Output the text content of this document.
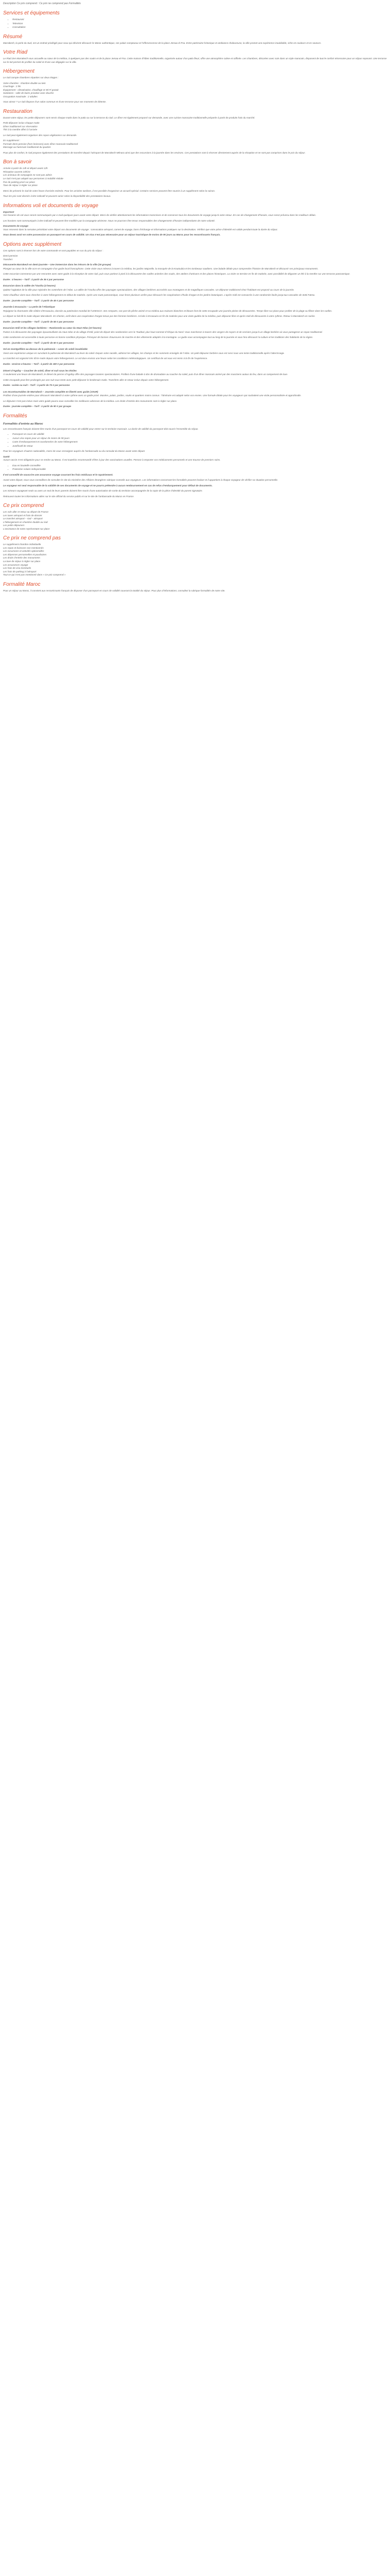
Description Ce prix comprend : Ce prix ne comprend pas Formalités

Services et équipements
• Restaurant
• Television
• Consultation
Résumé

Marrakech, la perle du Sud, est un endroit privilégié pour ceux qui désirent découvrir le Maroc authentique, ses palais somptueux et l’effervescence de la place Jemaa el-Fna. Entre patrimoine historique et ambiance chaleureuse, la ville promet une expérience inoubliable, riche en couleurs et en saveurs.

Votre Riad

Le Riad Zen Marrakech vous accueille au cœur de la médina, à quelques pas des souks et de la place Jemaa el-Fna. Cette maison d’hôtes traditionnelle, organisée autour d’un patio fleuri, offre une atmosphère calme et raffinée. Les chambres, décorées avec soin dans un style marocain, disposent de tout le confort nécessaire pour un séjour reposant. Une terrasse sur le toit permet de profiter du soleil et d’une vue dégagée sur la ville.

Hébergement

Le riad compte chambres réparties sur deux étages :

Votre chambre : chambre double ou twin

Couchage : 2 lits

Équipement : climatisation, chauffage et Wi-Fi gratuit

Sanitaires : salle de bains privative avec douche

Occupation maximale : 2 adultes

Vous aimez ? Le riad dispose d’un salon commun et d’une terrasse pour vos moments de détente.

Restauration

Durant votre séjour, les petits-déjeuners sont servis chaque matin dans le patio ou sur la terrasse du riad. Le dîner est également proposé sur demande, avec une cuisine marocaine traditionnelle préparée à partir de produits frais du marché.

Petit-déjeuner inclus chaque matin

Dîner traditionnel sur réservation

Thé à la menthe offert à l’arrivée

Le riad peut également organiser des repas végétariens sur demande.

En supplément :

Formule demi-pension (hors boissons) avec dîner marocain traditionnel

Massage au hammam traditionnel du quartier

Pour plus de confort, le riad propose également des prestations de transfert depuis l’aéroport de Marrakech-Ménara ainsi que des excursions à la journée dans les environs. Ces prestations sont à réserver directement auprès de la réception et ne sont pas comprises dans le prix du séjour.

Bon à savoir

Arrivée à partir de 14h et départ avant 12h

Réception ouverte 24h/24

Les animaux de compagnie ne sont pas admis

Le riad n’est pas adapté aux personnes à mobilité réduite

Pas de parking privé sur place

Taxe de séjour à régler sur place

Merci de prévenir le riad de votre heure d’arrivée estimée. Pour les arrivées tardives, il est possible d’organiser un accueil spécial. Certains services peuvent être soumis à un supplément selon la saison.

Tous les prix sont donnés à titre indicatif et peuvent varier selon la disponibilité des prestataires locaux.

Informations voli et documents de voyage

Important

Vos horaires de vol vous seront communiqués par e-mail quelques jours avant votre départ. Merci de vérifier attentivement les informations transmises et de conserver tous les documents de voyage jusqu’à votre retour. En cas de changement d’horaire, vous serez prévenu dans les meilleurs délais.

Les horaires sont communiqués à titre indicatif et peuvent être modifiés par la compagnie aérienne. Nous ne pourrons être tenus responsables des changements d’horaire indépendants de notre volonté.

Documents de voyage

Vous recevrez dans la semaine précédant votre départ vos documents de voyage : convocation aéroport, carnet de voyage, bons d’échange et informations pratiques sur la destination. Vérifiez que votre pièce d’identité est valide pendant toute la durée du séjour.

Vous devez avoir en votre possession un passeport en cours de validité. Un visa n’est pas nécessaire pour un séjour touristique de moins de 90 jours au Maroc pour les ressortissants français.

Options avec supplément

Ces options sont à réserver lors de votre commande et sont payables en sus du prix du séjour :

Demi-pension

Transfert

Découverte Marrakech en demi-journée – Une immersion dans les trésors de la ville (16 groupe)

Plongez au cœur de la ville ocre en compagnie d’un guide local francophone. Cette visite vous mènera à travers la médina, les jardins Majorelle, la mosquée de la Koutoubia et les tombeaux saadiens. Une balade idéale pour comprendre l’histoire de Marrakech et découvrir ses principaux monuments.

Cette excursion commence par une rencontre avec votre guide à la réception de votre riad, puis vous partirez à pied à la découverte des ruelles animées des souks, des ateliers d’artisans et des places historiques. La visite se termine en fin de matinée, avec possibilité de déguster un thé à la menthe sur une terrasse panoramique.

Durée : 4 heures – Tarif : à partir de 35 € par personne

Excursion dans la vallée de l’Ourika (4 heures)

Quittez l’agitation de la ville pour rejoindre les contreforts de l’Atlas. La vallée de l’Ourika offre des paysages spectaculaires, des villages berbères accrochés aux montagnes et de magnifiques cascades. Un déjeuner traditionnel chez l’habitant est proposé au cours de la journée.

Votre chauffeur vient vous chercher à votre hébergement en début de matinée. Après une route panoramique, vous ferez plusieurs arrêts pour découvrir les coopératives d’huile d’argan et les jardins botaniques. L’après-midi est consacrée à une randonnée facile jusqu’aux cascades de Setti Fatma.

Durée : journée complète – Tarif : à partir de 45 € par personne

Journée à Essaouira – La perle de l’Atlantique

Rejoignez la charmante ville côtière d’Essaouira, classée au patrimoine mondial de l’UNESCO. Ses remparts, son port de pêche animé et sa médina aux maisons blanches et bleues font de cette escapade une journée pleine de découvertes. Temps libre sur place pour profiter de la plage ou flâner dans les ruelles.

Le départ se fait tôt le matin depuis Marrakech. En chemin, arrêt dans une coopérative d’argan tenue par des femmes berbères. Arrivée à Essaouira en fin de matinée pour une visite guidée de la médina, puis déjeuner libre et après-midi de découverte à votre rythme. Retour à Marrakech en soirée.

Durée : journée complète – Tarif : à partir de 55 € par personne

Excursion Imlil et les villages berbères – Randonnée au cœur du Haut Atlas (10 heures)

Partez à la découverte des paysages époustouflants du Haut Atlas et du village d’Imlil, point de départ des randonnées vers le Toubkal, plus haut sommet d’Afrique du Nord. Vous marcherez à travers des vergers de noyers et de cerisiers jusqu’à un village berbère où vous partagerez un repas traditionnel.

Cette randonnée est accessible à toute personne en bonne condition physique. Prévoyez de bonnes chaussures de marche et des vêtements adaptés à la montagne. Le guide vous accompagne tout au long de la journée et vous fera découvrir la culture et les traditions des habitants de la région.

Durée : journée complète – Tarif : à partir de 60 € par personne

Vol en montgolfière au-dessus de la palmeraie – Lever de soleil inoubliable

Vivez une expérience unique en survolant la palmeraie de Marrakech au lever du soleil. Depuis votre nacelle, admirez les villages, les champs et les sommets enneigés de l’Atlas. Un petit-déjeuner berbère vous est servi sous une tente traditionnelle après l’atterrissage.

Le transfert est organisé très tôt le matin depuis votre hébergement. Le vol dure environ une heure selon les conditions météorologiques. Un certificat de vol vous est remis à la fin de l’expérience.

Durée : environ 4 heures – Tarif : à partir de 180 € par personne

Désert d’Agafay – Coucher de soleil, dîner et nuit sous les étoiles

À seulement une heure de Marrakech, le désert de pierres d’Agafay offre des paysages lunaires spectaculaires. Profitez d’une balade à dos de dromadaire au coucher du soleil, puis d’un dîner marocain animé par des musiciens autour du feu, dans un campement de luxe.

Cette escapade peut être prolongée par une nuit sous tente avec petit-déjeuner le lendemain matin. Transferts aller et retour inclus depuis votre hébergement.

Durée : soirée ou nuit – Tarif : à partir de 75 € par personne

Les Incontournables de Marrakech – Journée complète en liberté avec guide (JOUR)

Profitez d’une journée entière pour découvrir Marrakech à votre rythme avec un guide privé. Musées, palais, jardins, souks et quartiers moins connus : l’itinéraire est adapté selon vos envies. Une formule idéale pour les voyageurs qui souhaitent une visite personnalisée et approfondie.

Le déjeuner n’est pas inclus mais votre guide pourra vous conseiller les meilleures adresses de la médina. Les droits d’entrée des monuments sont à régler sur place.

Durée : journée complète – Tarif : à partir de 90 € par groupe

Formalités
Formalités d'entrée au Maroc

Les ressortissants français doivent être munis d’un passeport en cours de validité pour entrer sur le territoire marocain. La durée de validité du passeport doit couvrir l’ensemble du séjour.

• Passeport en cours de validité
• Aucun visa requis pour un séjour de moins de 90 jours
• Carte d’embarquement et coordonnées de votre hébergement
• Justificatif de retour

Pour les voyageurs d’autres nationalités, merci de vous renseigner auprès de l’ambassade ou du consulat du Maroc avant votre départ.

Santé

Aucun vaccin n’est obligatoire pour se rendre au Maroc. Il est toutefois recommandé d’être à jour des vaccinations usuelles. Pensez à emporter vos médicaments personnels et une trousse de premiers soins.

• Eau en bouteille conseillée
• Protection solaire indispensable

Il est conseillé de souscrire une assurance voyage couvrant les frais médicaux et le rapatriement.

Avant votre départ, nous vous conseillons de consulter le site du ministère des Affaires étrangères rubrique Conseils aux voyageurs. Les informations concernant les formalités peuvent évoluer et il appartient à chaque voyageur de vérifier sa situation personnelle.

Le voyageur est seul responsable de la validité de ses documents de voyage et ne pourra prétendre à aucun remboursement en cas de refus d’embarquement pour défaut de documents.

Les mineurs voyageant seuls ou avec un seul de leurs parents doivent être munis d’une autorisation de sortie du territoire accompagnée de la copie de la pièce d’identité du parent signataire.

Retrouvez toutes les informations utiles sur le site officiel du service public et sur le site de l’ambassade du Maroc en France.

Ce prix comprend

Les vols aller et retour au départ de France

Les taxes aéroport et frais de dossier

Le transfert aéroport – riad – aéroport

L’hébergement en chambre double au riad

Les petits-déjeuners

L’assistance de notre représentant sur place

Ce prix ne comprend pas

Le supplément chambre individuelle

Les repas et boissons non mentionnés

Les excursions et activités optionnelles

Les dépenses personnelles et pourboires

Les droits d’entrée des monuments

La taxe de séjour à régler sur place

Les assurances voyage

Les frais de visa éventuels

Les frais de parking à l’aéroport

Tout ce qui n’est pas mentionné dans « Ce prix comprend »

Formalité Maroc

Pour un séjour au Maroc, il convient aux ressortissants français de disposer d’un passeport en cours de validité couvrant la totalité du séjour. Pour plus d’informations, consultez la rubrique formalités de notre site.
